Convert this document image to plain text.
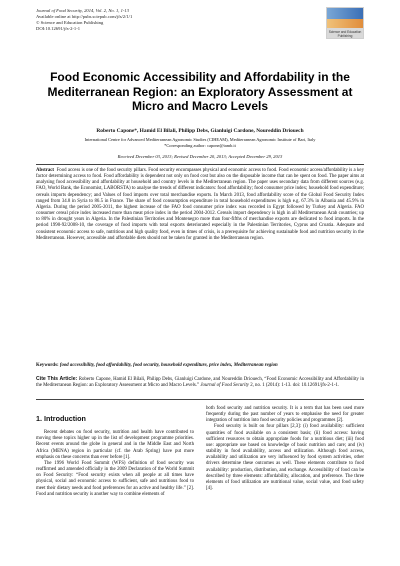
Journal of Food Security, 2014, Vol. 2, No. 1, 1-13
Available online at http://pubs.sciepub.com/jfs/2/1/1
© Science and Education Publishing
DOI:10.12691/jfs-2-1-1
Science and Education Publishing
Food Economic Accessibility and Affordability in the Mediterranean Region: an Exploratory Assessment at Micro and Macro Levels
Roberto Capone*, Hamid El Bilali, Philipp Debs, Gianluigi Cardone, Noureddin Driouech
International Centre for Advanced Mediterranean Agronomic Studies (CIHEAM), Mediterranean Agronomic Institute of Bari, Italy
*Corresponding author: capone@iamb.it
Received December 03, 2013; Revised December 20, 2013; Accepted December 29, 2013
Abstract Food access is one of the food security pillars. Food security encompasses physical and economic access to food. Food economic access/affordability is a key factor determining access to food. Food affordability is dependent not only on food cost but also on the disposable income that can be spent on food. The paper aims at analysing food accessibility and affordability at household and country levels in the Mediterranean region. The paper uses secondary data from different sources (e.g. FAO, World Bank, the Economist, LABORSTA) to analyse the trends of different indicators: food affordability; food consumer price index; household food expenditure; cereals imports dependency; and Values of food imports over total merchandise exports. In March 2013, food affordability score of the Global Food Security Index ranged from 34.8 in Syria to 86.5 in France. The share of food consumption expenditure in total household expenditures is high e.g. 67.3% in Albania and 45.9% in Algeria. During the period 2005-2011, the highest increase of the FAO food consumer price index was recorded in Egypt followed by Turkey and Algeria. FAO consumer cereal price index increased more than meat price index in the period 2004-2012. Cereals import dependency is high in all Mediterranean Arab countries; up to 80% in drought years in Algeria. In the Palestinian Territories and Montenegro more than four-fifths of merchandise exports are dedicated to food imports. In the period 1990-92/2008-10, the coverage of food imports with total exports deteriorated especially in the Palestinian Territories, Cyprus and Croatia. Adequate and consistent economic access to safe, nutritious and high quality food, even in times of crisis, is a prerequisite for achieving sustainable food and nutrition security in the Mediterranean. However, accessible and affordable diets should not be taken for granted in the Mediterranean region.
Keywords: food accessibility, food affordability, food security, household expenditure, price index, Mediterranean region
Cite This Article: Roberto Capone, Hamid El Bilali, Philipp Debs, Gianluigi Cardone, and Noureddin Driouech, “Food Economic Accessibility and Affordability in the Mediterranean Region: an Exploratory Assessment at Micro and Macro Levels.” Journal of Food Security 2, no. 1 (2014): 1-13. doi: 10.12691/jfs-2-1-1.
1. Introduction

Recent debates on food security, nutrition and health have contributed to moving these topics higher up in the list of development programme priorities. Recent events around the globe in general and in the Middle East and North Africa (MENA) region in particular (cf. the Arab Spring) have put more emphasis on these concerns than ever before [1].

The 1996 World Food Summit (WFS) definition of food security was reaffirmed and amended officially in the 2009 Declaration of the World Summit on Food Security: “Food security exists when all people at all times have physical, social and economic access to sufficient, safe and nutritious food to meet their dietary needs and food preferences for an active and healthy life.” [2]. Food and nutrition security is another way to combine elements of

both food security and nutrition security. It is a term that has been used more frequently during the past number of years to emphasise the need for greater integration of nutrition into food security policies and programmes [2].

Food security is built on four pillars [2,3]: (i) food availability: sufficient quantities of food available on a consistent basis; (ii) food access: having sufficient resources to obtain appropriate foods for a nutritious diet; (iii) food use: appropriate use based on knowledge of basic nutrition and care; and (iv) stability in food availability, access and utilization. Although food access, availability and utilization are very influenced by food system activities, other drivers determine these outcomes as well. These elements contribute to food availability: production, distribution, and exchange. Accessibility of food can be described by three elements: affordability, allocation, and preference. The three elements of food utilization are nutritional value, social value, and food safety [4].
